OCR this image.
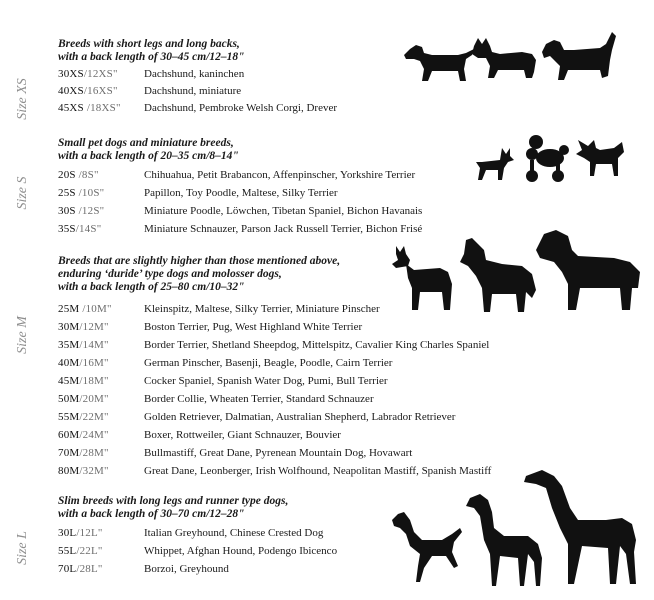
Size XS
Breeds with short legs and long backs,
with a back length of 30–45 cm/12–18"
30XS/12XS" Dachshund, kaninchen
40XS/16XS" Dachshund, miniature
45XS /18XS" Dachshund, Pembroke Welsh Corgi, Drever
Size S
Small pet dogs and miniature breeds,
with a back length of 20–35 cm/8–14"
20S /8S"	Chihuahua, Petit Brabancon, Affenpinscher, Yorkshire Terrier
25S /10S"	Papillon, Toy Poodle, Maltese, Silky Terrier
30S /12S"	Miniature Poodle, Löwchen, Tibetan Spaniel, Bichon Havanais
35S/14S"	Miniature Schnauzer, Parson Jack Russell Terrier, Bichon Frisé
Size M
Breeds that are slightly higher than those mentioned above,
enduring ‘duride’ type dogs and molosser dogs,
with a back length of 25–80 cm/10–32"
25M /10M"	Kleinspitz, Maltese, Silky Terrier, Miniature Pinscher
30M/12M"	Boston Terrier, Pug, West Highland White Terrier
35M/14M"	Border Terrier, Shetland Sheepdog, Mittelspitz, Cavalier King Charles Spaniel
40M/16M"	German Pinscher, Basenji, Beagle, Poodle, Cairn Terrier
45M/18M"	Cocker Spaniel, Spanish Water Dog, Pumi, Bull Terrier
50M/20M"	Border Collie, Wheaten Terrier, Standard Schnauzer
55M/22M"	Golden Retriever, Dalmatian, Australian Shepherd, Labrador Retriever
60M/24M"	Boxer, Rottweiler, Giant Schnauzer, Bouvier
70M/28M"	Bullmastiff, Great Dane, Pyrenean Mountain Dog, Hovawart
80M/32M"	Great Dane, Leonberger, Irish Wolfhound, Neapolitan Mastiff, Spanish Mastiff
Size L
Slim breeds with long legs and runner type dogs,
with a back length of 30–70 cm/12–28"
30L/12L"	Italian Greyhound, Chinese Crested Dog
55L/22L"	Whippet, Afghan Hound, Podengo Ibicenco
70L/28L"	Borzoi, Greyhound
